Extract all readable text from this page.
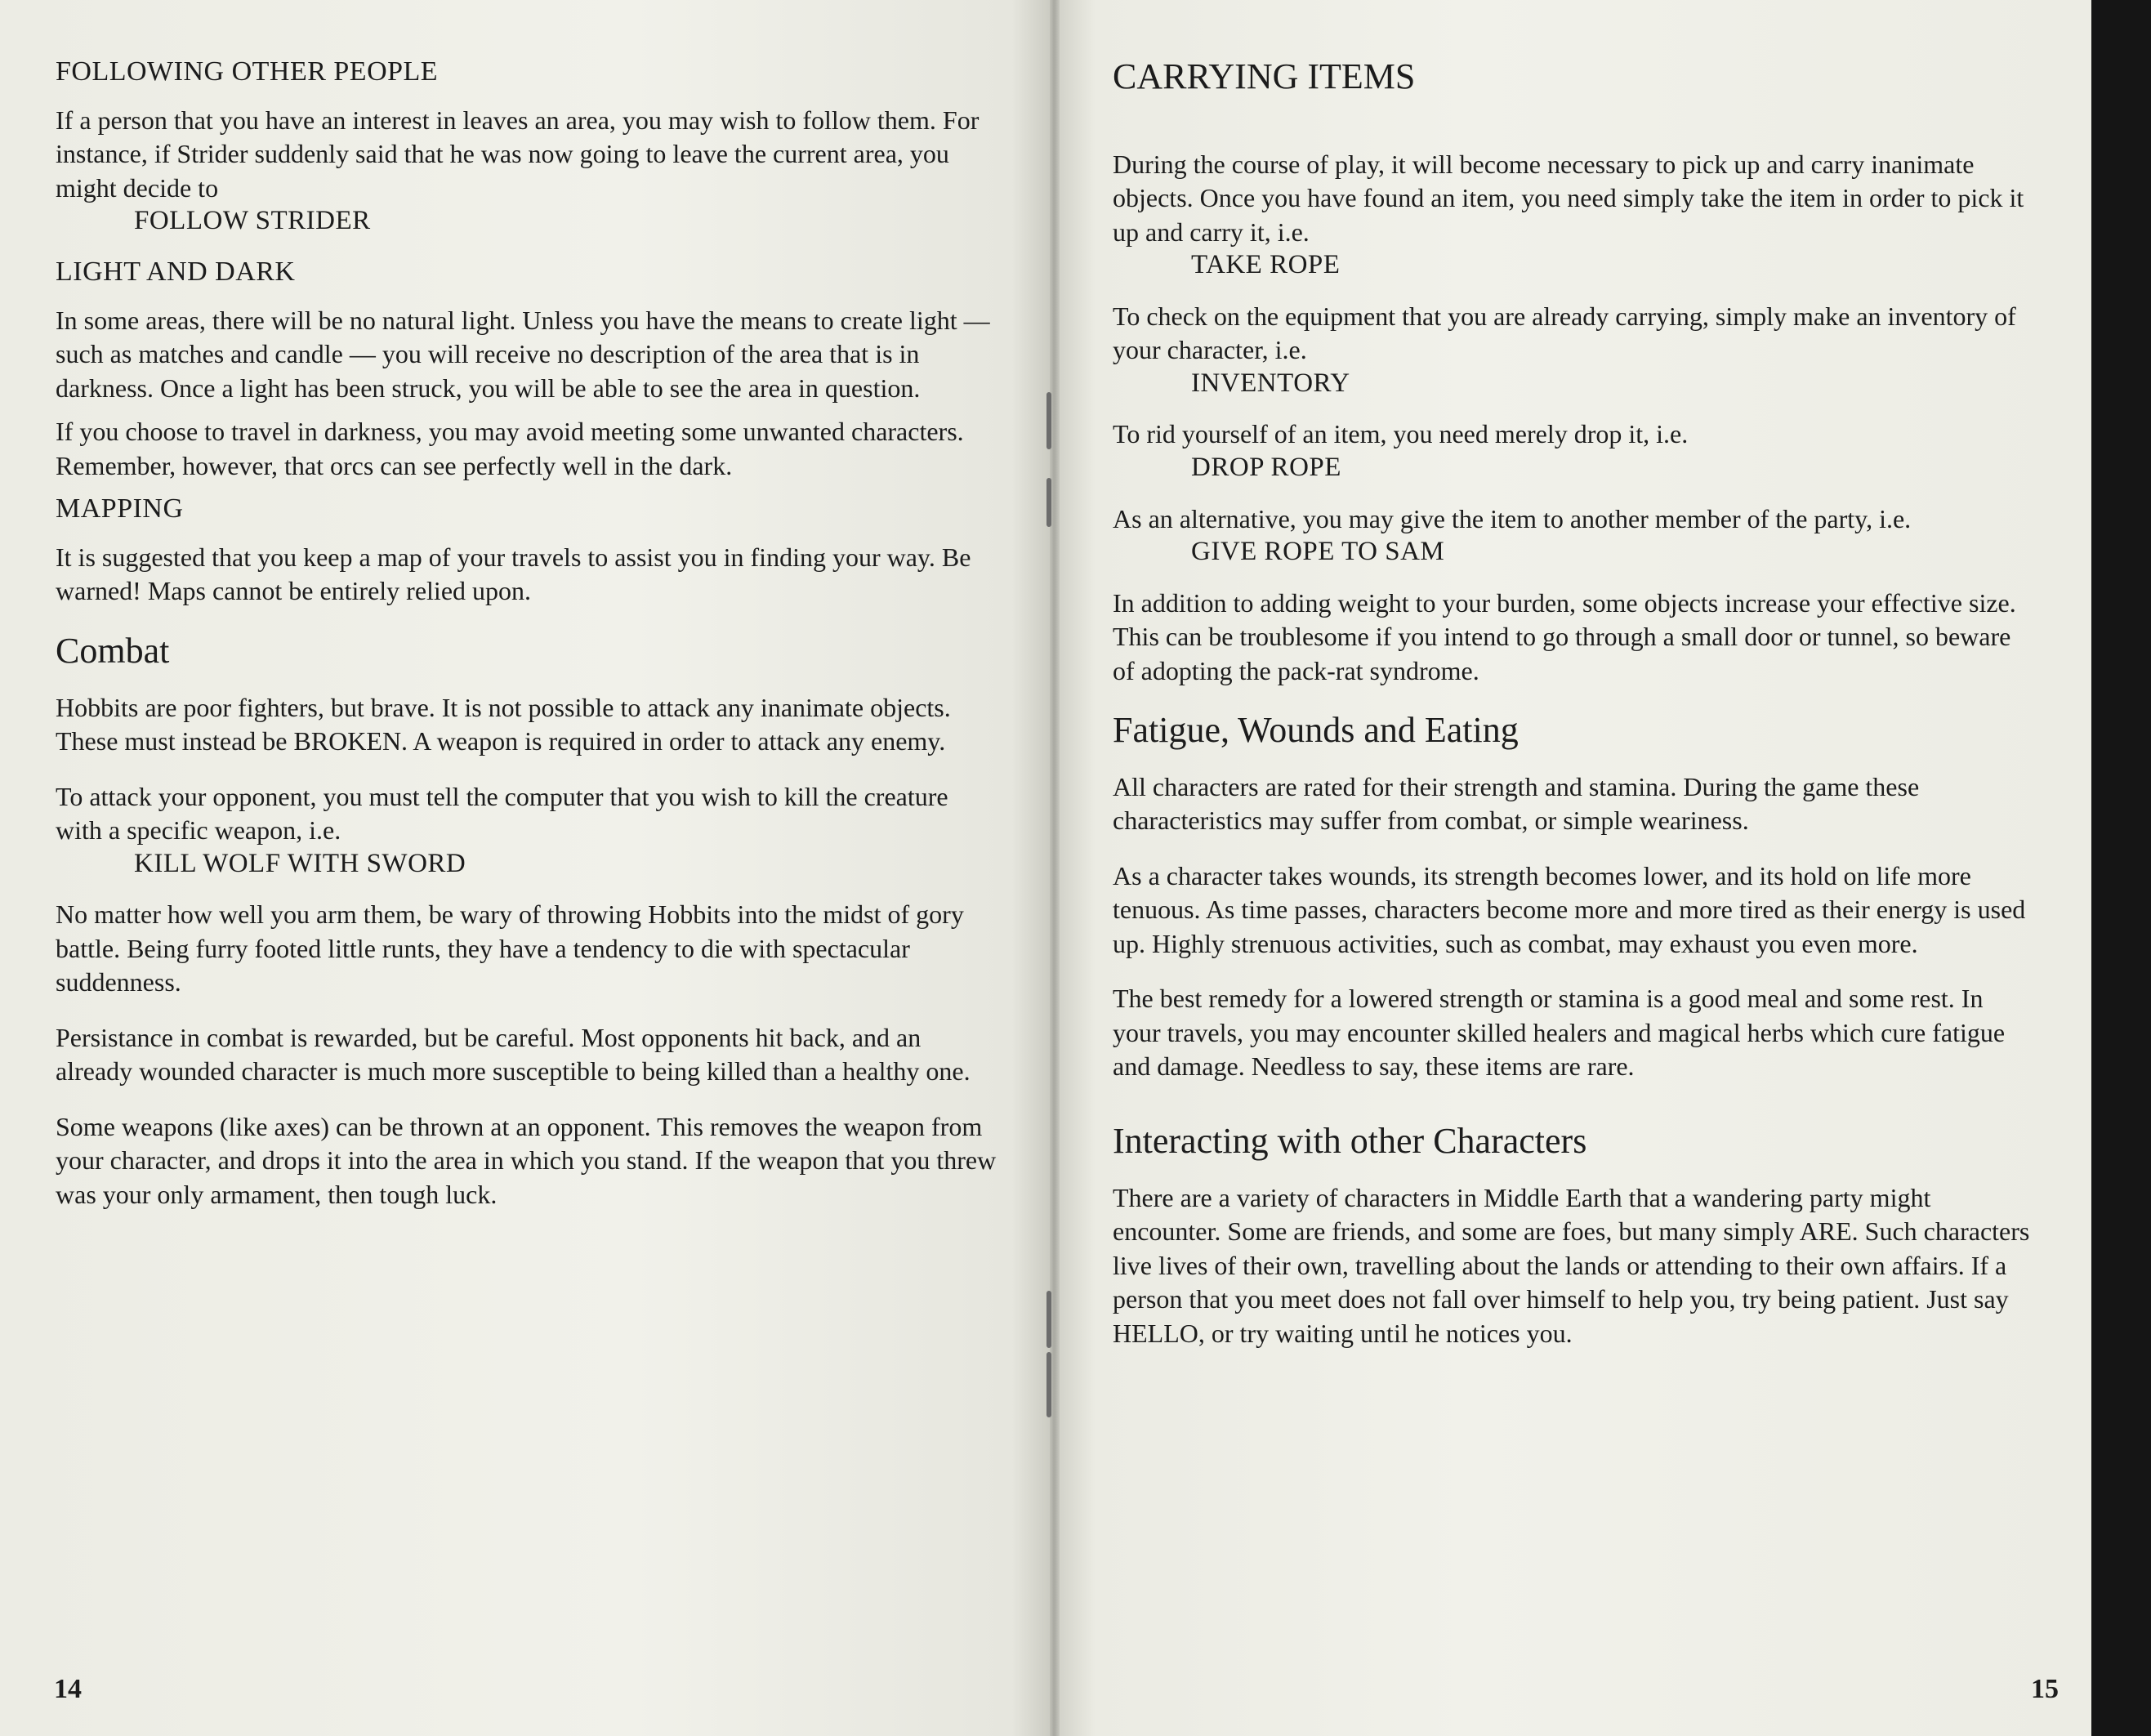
FOLLOWING OTHER PEOPLE

If a person that you have an interest in leaves an area, you may wish to follow them. For instance, if Strider suddenly said that he was now going to leave the current area, you might decide to

FOLLOW STRIDER
LIGHT AND DARK

In some areas, there will be no natural light. Unless you have the means to create light — such as matches and candle — you will receive no description of the area that is in darkness. Once a light has been struck, you will be able to see the area in question.

If you choose to travel in darkness, you may avoid meeting some unwanted characters. Remember, however, that orcs can see perfectly well in the dark.

MAPPING

It is suggested that you keep a map of your travels to assist you in finding your way. Be warned! Maps cannot be entirely relied upon.

Combat

Hobbits are poor fighters, but brave. It is not possible to attack any inanimate objects. These must instead be BROKEN. A weapon is required in order to attack any enemy.

To attack your opponent, you must tell the computer that you wish to kill the creature with a specific weapon, i.e.

KILL WOLF WITH SWORD

No matter how well you arm them, be wary of throwing Hobbits into the midst of gory battle. Being furry footed little runts, they have a tendency to die with spectacular suddenness.

Persistance in combat is rewarded, but be careful. Most opponents hit back, and an already wounded character is much more susceptible to being killed than a healthy one.

Some weapons (like axes) can be thrown at an opponent. This removes the weapon from your character, and drops it into the area in which you stand. If the weapon that you threw was your only armament, then tough luck.

14
CARRYING ITEMS

During the course of play, it will become necessary to pick up and carry inanimate objects. Once you have found an item, you need simply take the item in order to pick it up and carry it, i.e.

TAKE ROPE

To check on the equipment that you are already carrying, simply make an inventory of your character, i.e.

INVENTORY

To rid yourself of an item, you need merely drop it, i.e.

DROP ROPE

As an alternative, you may give the item to another member of the party, i.e.

GIVE ROPE TO SAM

In addition to adding weight to your burden, some objects increase your effective size. This can be troublesome if you intend to go through a small door or tunnel, so beware of adopting the pack-rat syndrome.

Fatigue, Wounds and Eating

All characters are rated for their strength and stamina. During the game these characteristics may suffer from combat, or simple weariness.

As a character takes wounds, its strength becomes lower, and its hold on life more tenuous. As time passes, characters become more and more tired as their energy is used up. Highly strenuous activities, such as combat, may exhaust you even more.

The best remedy for a lowered strength or stamina is a good meal and some rest. In your travels, you may encounter skilled healers and magical herbs which cure fatigue and damage. Needless to say, these items are rare.

Interacting with other Characters

There are a variety of characters in Middle Earth that a wandering party might encounter. Some are friends, and some are foes, but many simply ARE. Such characters live lives of their own, travelling about the lands or attending to their own affairs. If a person that you meet does not fall over himself to help you, try being patient. Just say HELLO, or try waiting until he notices you.

15
